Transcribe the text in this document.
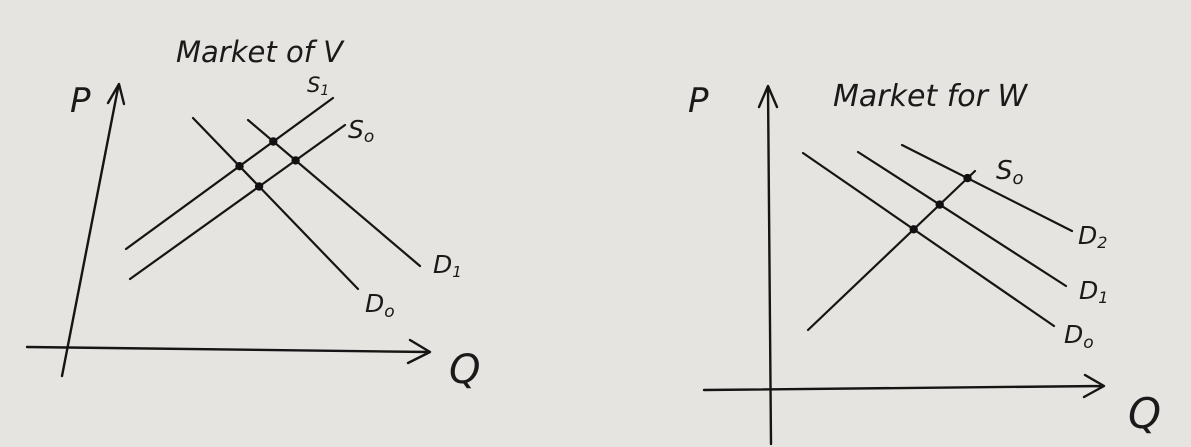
Market of V
P
Q
S1
So
D1
$D_o$
Market for W
P
Q
So
D2
D1
$D_o$
